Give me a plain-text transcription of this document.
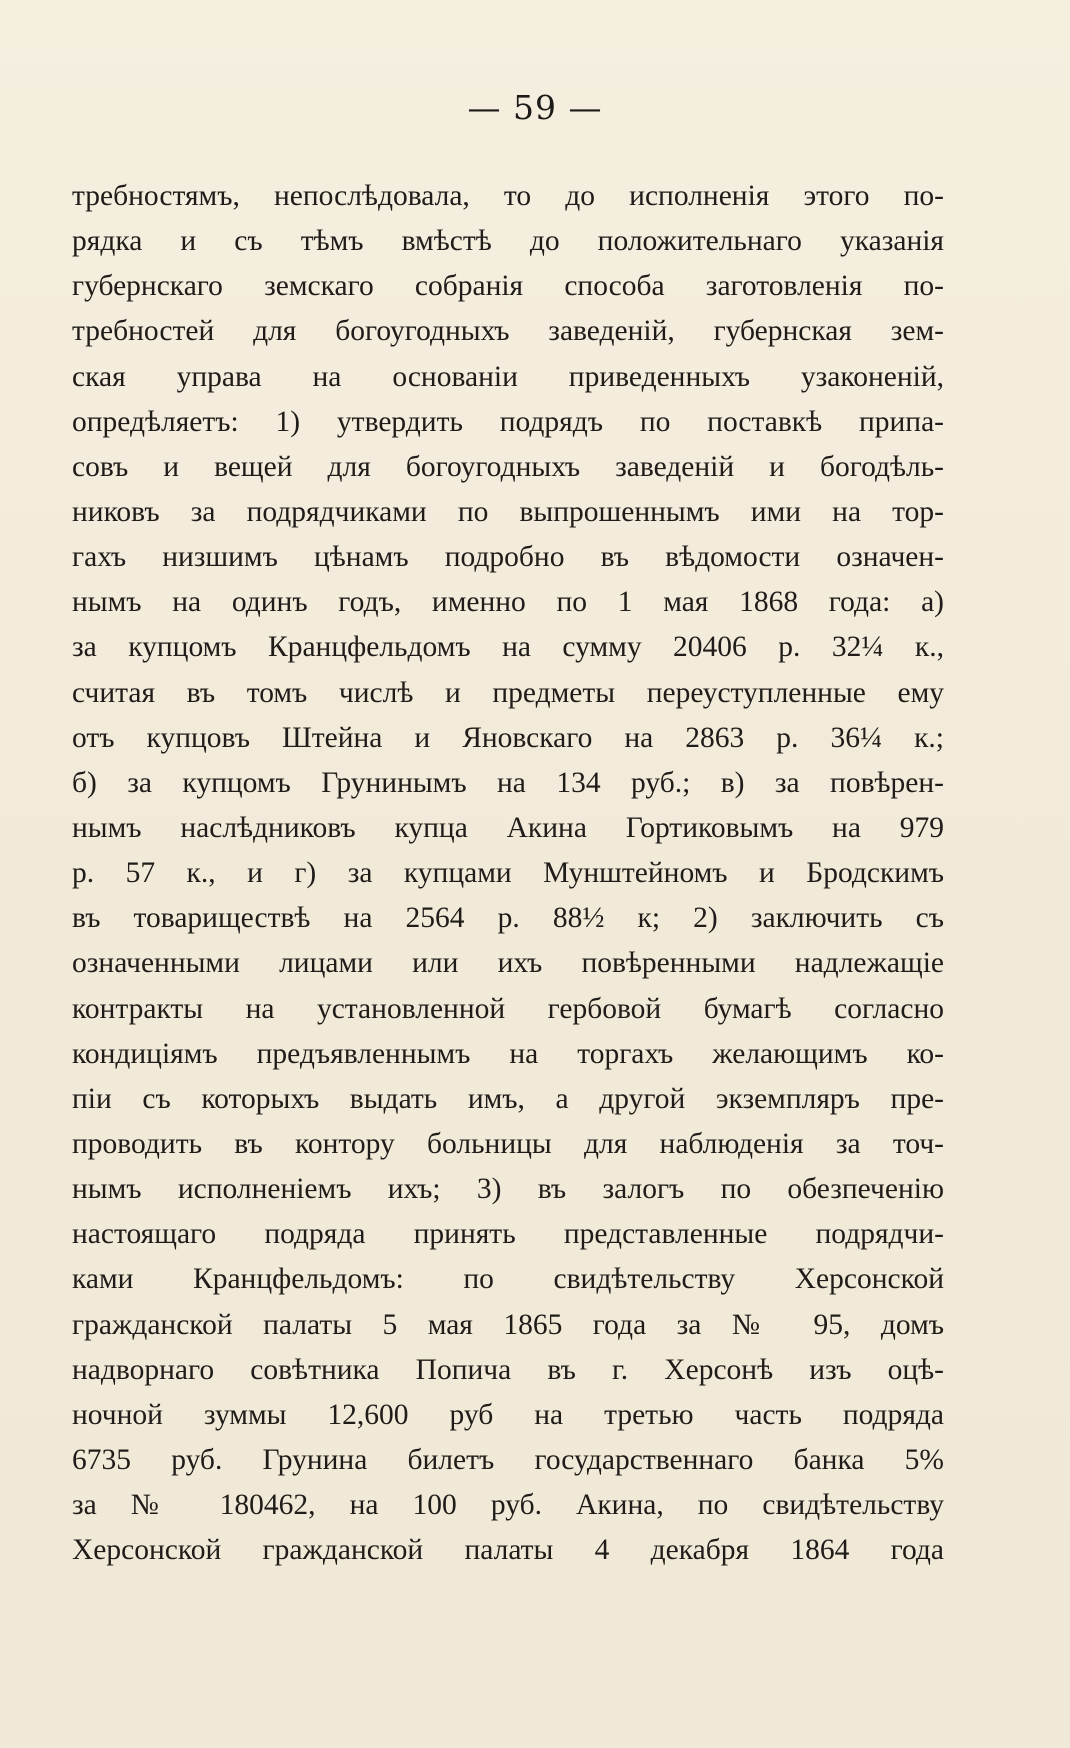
— 59 —
требностямъ, непослѣдовала, то до исполненія этого по-
рядка и съ тѣмъ вмѣстѣ до положительнаго указанія
губернскаго земскаго собранія способа заготовленія по-
требностей для богоугодныхъ заведеній, губернская зем-
ская управа на основаніи приведенныхъ узаконеній,
опредѣляетъ: 1) утвердить подрядъ по поставкѣ припа-
совъ и вещей для богоугодныхъ заведеній и богодѣль-
никовъ за подрядчиками по выпрошеннымъ ими на тор-
гахъ низшимъ цѣнамъ подробно въ вѣдомости означен-
нымъ на одинъ годъ, именно по 1 мая 1868 года: а)
за купцомъ Кранцфельдомъ на сумму 20406 р. 32¼ к.,
считая въ томъ числѣ и предметы переуступленные ему
отъ купцовъ Штейна и Яновскаго на 2863 р. 36¼ к.;
б) за купцомъ Грунинымъ на 134 руб.; в) за повѣрен-
нымъ наслѣдниковъ купца Акина Гортиковымъ на 979
р. 57 к., и г) за купцами Мунштейномъ и Бродскимъ
въ товариществѣ на 2564 р. 88½ к; 2) заключить съ
означенными лицами или ихъ повѣренными надлежащіе
контракты на установленной гербовой бумагѣ согласно
кондиціямъ предъявленнымъ на торгахъ желающимъ ко-
піи съ которыхъ выдать имъ, а другой экземпляръ пре-
проводить въ контору больницы для наблюденія за точ-
нымъ исполненіемъ ихъ; 3) въ залогъ по обезпеченію
настоящаго подряда принять представленные подрядчи-
ками Кранцфельдомъ: по свидѣтельству Херсонской
гражданской палаты 5 мая 1865 года за № 95, домъ
надворнаго совѣтника Попича въ г. Херсонѣ изъ оцѣ-
ночной зуммы 12,600 руб на третью часть подряда
6735 руб. Грунина билетъ государственнаго банка 5%
за № 180462, на 100 руб. Акина, по свидѣтельству
Херсонской гражданской палаты 4 декабря 1864 года
